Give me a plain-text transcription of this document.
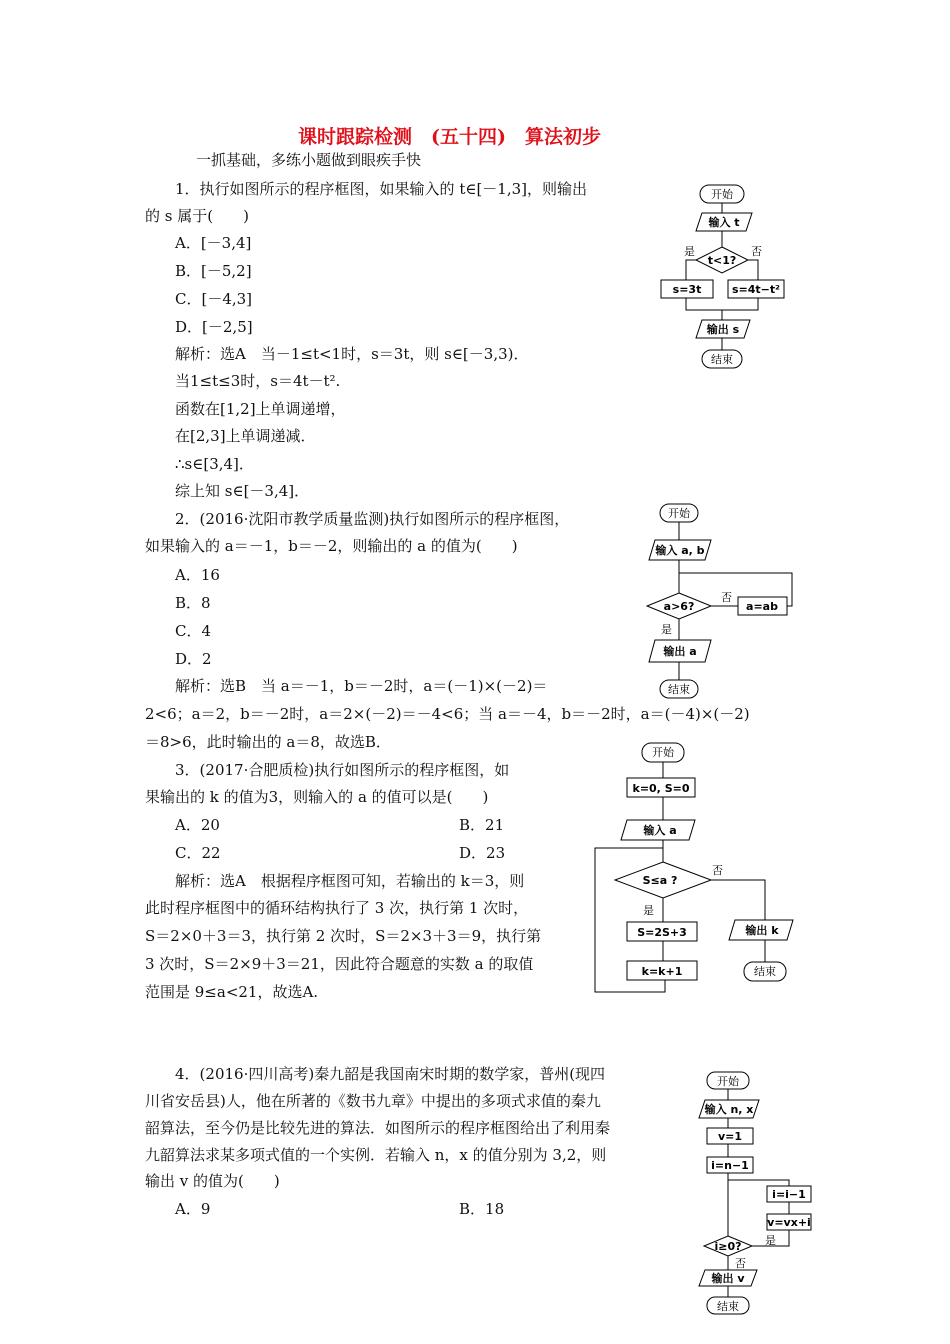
课时跟踪检测　(五十四)　算法初步
一抓基础，多练小题做到眼疾手快
1．执行如图所示的程序框图，如果输入的 t∈[－1,3]，则输出
的 s 属于(　　)
A．[－3,4]
B．[－5,2]
C．[－4,3]
D．[－2,5]
解析：选A　当－1≤t<1时，s＝3t，则 s∈[－3,3)．
当1≤t≤3时，s＝4t－t².
函数在[1,2]上单调递增，
在[2,3]上单调递减．
∴s∈[3,4]．
综上知 s∈[－3,4]．
开始
输入 t
t<1?
是	否
s=3t	s=4t−t²
输出 s
结束
2．(2016·沈阳市教学质量监测)执行如图所示的程序框图，
如果输入的 a＝－1，b＝－2，则输出的 a 的值为(　　)
A．16
B．8
C．4
D．2
解析：选B　当 a＝－1，b＝－2时，a＝(－1)×(－2)＝
2<6；a＝2，b＝－2时，a＝2×(－2)＝－4<6；当 a＝－4，b＝－2时，a＝(－4)×(－2)
＝8>6，此时输出的 a＝8，故选B．
开始
输入 a, b
a>6?
否
a=ab
是
输出 a
结束
3．(2017·合肥质检)执行如图所示的程序框图，如
果输出的 k 的值为3，则输入的 a 的值可以是(　　)
A．20	B．21
C．22	D．23
解析：选A　根据程序框图可知，若输出的 k＝3，则
此时程序框图中的循环结构执行了 3 次，执行第 1 次时，
S＝2×0＋3＝3，执行第 2 次时，S＝2×3＋3＝9，执行第
3 次时，S＝2×9＋3＝21，因此符合题意的实数 a 的取值
范围是 9≤a<21，故选A.
开始
k=0, S=0
输入 a
S≤a ?
否
是
S=2S+3
k=k+1
输出 k
结束
4．(2016·四川高考)秦九韶是我国南宋时期的数学家，普州(现四
川省安岳县)人，他在所著的《数书九章》中提出的多项式求值的秦九
韶算法，至今仍是比较先进的算法．如图所示的程序框图给出了利用秦
九韶算法求某多项式值的一个实例．若输入 n，x 的值分别为 3,2，则
输出 v 的值为(　　)
A．9	B．18
开始
输入 n, x
v=1
i=n−1
i=i−1
v=vx+i
是
i≥0?
否
输出 v
结束
